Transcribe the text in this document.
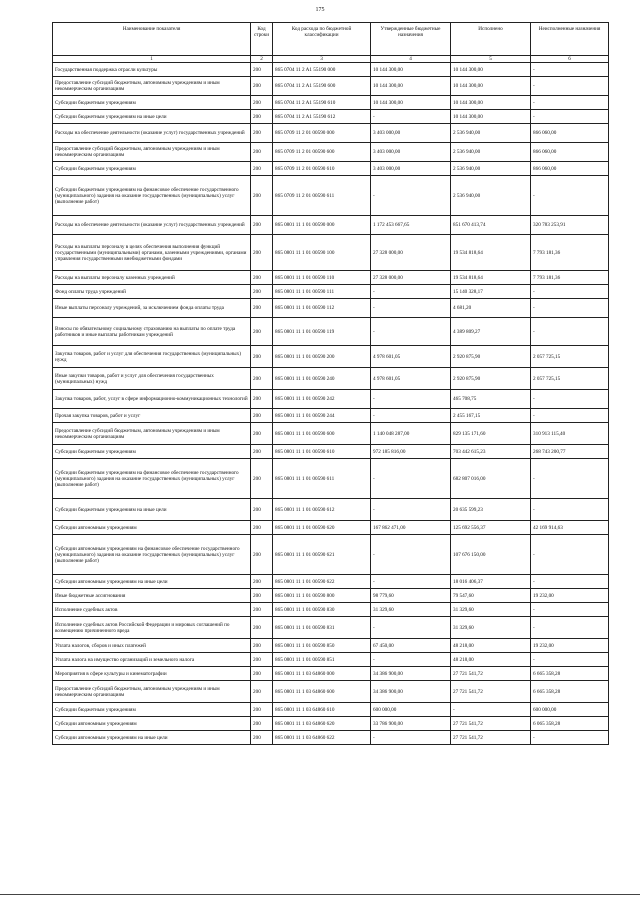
175
Наименование показателя	Код строки	Код расхода по бюджетной классификации	Утвержденные бюджетные назначения	Исполнено	Неисполненные назначения
1	2	3	4	5	6
Государственная поддержка отрасли культуры	200	865 0704 11 2 A1 55190 000	10 144 300,00	10 144 300,00	-
Предоставление субсидий бюджетным, автономным учреждениям и иным некоммерческим организациям	200	865 0704 11 2 A1 55190 600	10 144 300,00	10 144 300,00	-
Субсидии бюджетным учреждениям	200	865 0704 11 2 A1 55190 610	10 144 300,00	10 144 300,00	-
Субсидии бюджетным учреждениям на иные цели	200	865 0704 11 2 A1 55190 612	-	10 144 300,00	-
Расходы на обеспечение деятельности (оказание услуг) государственных учреждений	200	865 0709 11 2 01 00590 000	3 403 000,00	2 536 940,00	866 060,00
Предоставление субсидий бюджетным, автономным учреждениям и иным некоммерческим организациям	200	865 0709 11 2 01 00590 600	3 403 000,00	2 536 940,00	866 060,00
Субсидии бюджетным учреждениям	200	865 0709 11 2 01 00590 610	3 403 000,00	2 536 940,00	866 060,00
Субсидии бюджетным учреждениям на финансовое обеспечение государственного (муниципального) задания на оказание государственных (муниципальных) услуг (выполнение работ)	200	865 0709 11 2 01 00590 611	-	2 536 940,00	-
Расходы на обеспечение деятельности (оказание услуг) государственных учреждений	200	865 0801 11 1 01 00590 000	1 172 453 667,65	851 670 413,74	320 783 253,91
Расходы на выплаты персоналу в целях обеспечения выполнения функций государственными (муниципальными) органами, казенными учреждениями, органами управления государственными внебюджетными фондами	200	865 0801 11 1 01 00590 100	27 328 000,00	19 534 818,64	7 793 181,36
Расходы на выплаты персоналу казенных учреждений	200	865 0801 11 1 01 00590 110	27 328 000,00	19 534 818,64	7 793 181,36
Фонд оплаты труда учреждений	200	865 0801 11 1 01 00590 111	-	15 140 328,17	-
Иные выплаты персоналу учреждений, за исключением фонда оплаты труда	200	865 0801 11 1 01 00590 112	-	4 681,20	-
Взносы по обязательному социальному страхованию на выплаты по оплате труда работников и иные выплаты работникам учреждений	200	865 0801 11 1 01 00590 119	-	4 389 809,27	-
Закупка товаров, работ и услуг для обеспечения государственных (муниципальных) нужд	200	865 0801 11 1 01 00590 200	4 978 601,05	2 920 875,90	2 057 725,15
Иные закупки товаров, работ и услуг для обеспечения государственных (муниципальных) нужд	200	865 0801 11 1 01 00590 240	4 978 601,05	2 920 875,90	2 057 725,15
Закупка товаров, работ, услуг в сфере информационно-коммуникационных технологий	200	865 0801 11 1 01 00590 242	-	465 708,75	-
Прочая закупка товаров, работ и услуг	200	865 0801 11 1 01 00590 244	-	2 455 167,15	-
Предоставление субсидий бюджетным, автономным учреждениям и иным некоммерческим организациям	200	865 0801 11 1 01 00590 600	1 140 048 287,00	829 135 171,60	310 913 115,40
Субсидии бюджетным учреждениям	200	865 0801 11 1 01 00590 610	972 185 816,00	703 442 615,23	268 743 200,77
Субсидии бюджетным учреждениям на финансовое обеспечение государственного (муниципального) задания на оказание государственных (муниципальных) услуг (выполнение работ)	200	865 0801 11 1 01 00590 611	-	682 807 016,00	-
Субсидии бюджетным учреждениям на иные цели	200	865 0801 11 1 01 00590 612	-	20 635 599,23	-
Субсидии автономным учреждениям	200	865 0801 11 1 01 00590 620	167 862 471,00	125 692 556,37	42 169 914,63
Субсидии автономным учреждениям на финансовое обеспечение государственного (муниципального) задания на оказание государственных (муниципальных) услуг (выполнение работ)	200	865 0801 11 1 01 00590 621	-	107 676 150,00	-
Субсидии автономным учреждениям на иные цели	200	865 0801 11 1 01 00590 622	-	18 016 406,37	-
Иные бюджетные ассигнования	200	865 0801 11 1 01 00590 800	98 779,60	79 547,60	19 232,00
Исполнение судебных актов	200	865 0801 11 1 01 00590 830	31 329,60	31 329,60	-
Исполнение судебных актов Российской Федерации и мировых соглашений по возмещению причиненного вреда	200	865 0801 11 1 01 00590 831	-	31 329,60	-
Уплата налогов, сборов и иных платежей	200	865 0801 11 1 01 00590 850	67 450,00	48 218,00	19 232,00
Уплата налога на имущество организаций и земельного налога	200	865 0801 11 1 01 00590 851	-	48 218,00	-
Мероприятия в сфере культуры и кинематографии	200	865 0801 11 1 03 64860 000	34 386 900,00	27 721 541,72	6 665 358,28
Предоставление субсидий бюджетным, автономным учреждениям и иным некоммерческим организациям	200	865 0801 11 1 03 64860 600	34 386 900,00	27 721 541,72	6 665 358,28
Субсидии бюджетным учреждениям	200	865 0801 11 1 03 64860 610	600 000,00	-	600 000,00
Субсидии автономным учреждениям	200	865 0801 11 1 03 64860 620	33 786 900,00	27 721 541,72	6 065 358,28
Субсидии автономным учреждениям на иные цели	200	865 0801 11 1 03 64860 622	-	27 721 541,72	-
